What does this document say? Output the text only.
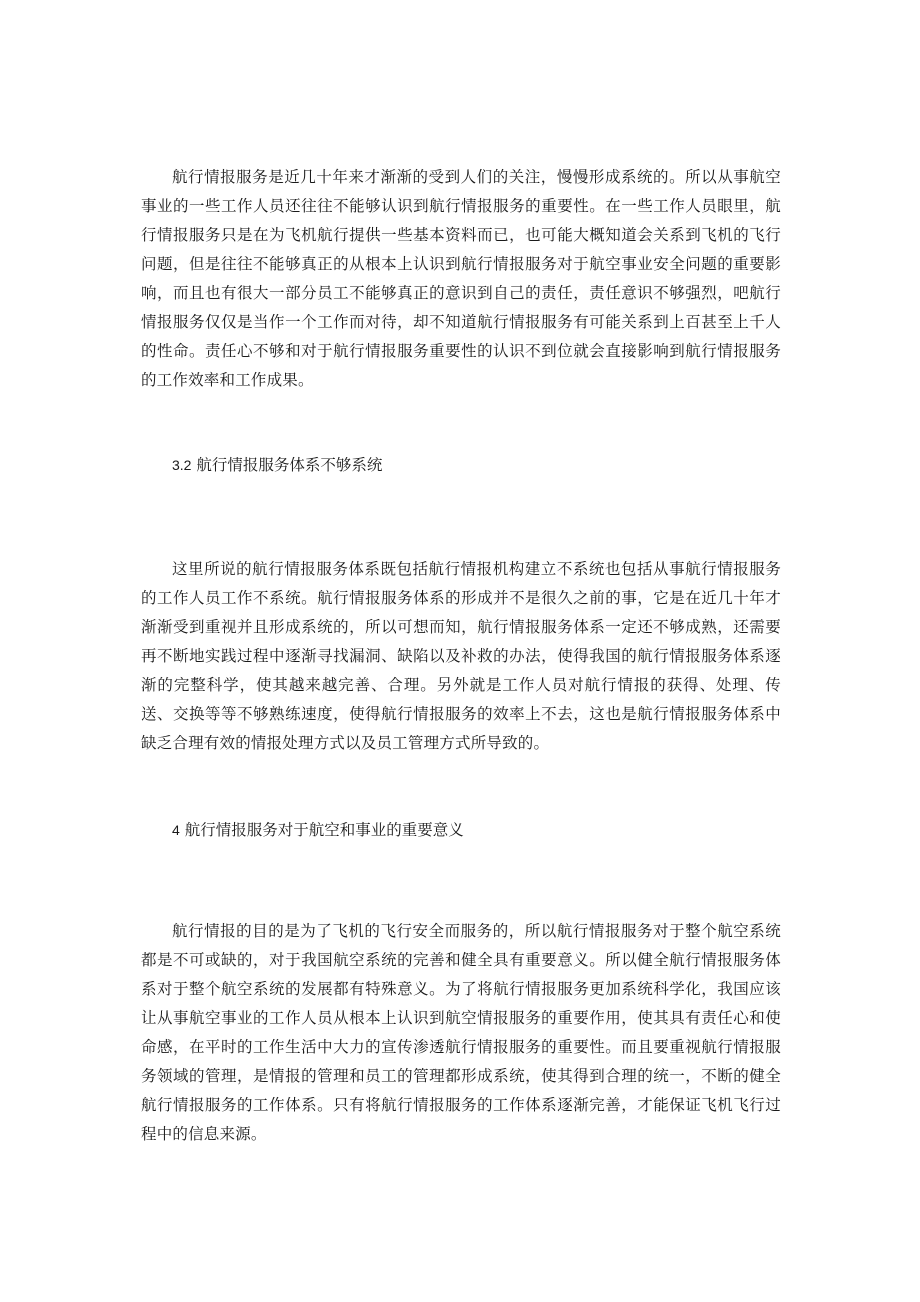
航行情报服务是近几十年来才渐渐的受到人们的关注，慢慢形成系统的。所以从事航空事业的一些工作人员还往往不能够认识到航行情报服务的重要性。在一些工作人员眼里，航行情报服务只是在为飞机航行提供一些基本资料而已，也可能大概知道会关系到飞机的飞行问题，但是往往不能够真正的从根本上认识到航行情报服务对于航空事业安全问题的重要影响，而且也有很大一部分员工不能够真正的意识到自己的责任，责任意识不够强烈，吧航行情报服务仅仅是当作一个工作而对待，却不知道航行情报服务有可能关系到上百甚至上千人的性命。责任心不够和对于航行情报服务重要性的认识不到位就会直接影响到航行情报服务的工作效率和工作成果。

3.2 航行情报服务体系不够系统

这里所说的航行情报服务体系既包括航行情报机构建立不系统也包括从事航行情报服务的工作人员工作不系统。航行情报服务体系的形成并不是很久之前的事，它是在近几十年才渐渐受到重视并且形成系统的，所以可想而知，航行情报服务体系一定还不够成熟，还需要再不断地实践过程中逐渐寻找漏洞、缺陷以及补救的办法，使得我国的航行情报服务体系逐渐的完整科学，使其越来越完善、合理。另外就是工作人员对航行情报的获得、处理、传送、交换等等不够熟练速度，使得航行情报服务的效率上不去，这也是航行情报服务体系中缺乏合理有效的情报处理方式以及员工管理方式所导致的。

4 航行情报服务对于航空和事业的重要意义

航行情报的目的是为了飞机的飞行安全而服务的，所以航行情报服务对于整个航空系统都是不可或缺的，对于我国航空系统的完善和健全具有重要意义。所以健全航行情报服务体系对于整个航空系统的发展都有特殊意义。为了将航行情报服务更加系统科学化，我国应该让从事航空事业的工作人员从根本上认识到航空情报服务的重要作用，使其具有责任心和使命感，在平时的工作生活中大力的宣传渗透航行情报服务的重要性。而且要重视航行情报服务领域的管理，是情报的管理和员工的管理都形成系统，使其得到合理的统一，不断的健全航行情报服务的工作体系。只有将航行情报服务的工作体系逐渐完善，才能保证飞机飞行过程中的信息来源。
